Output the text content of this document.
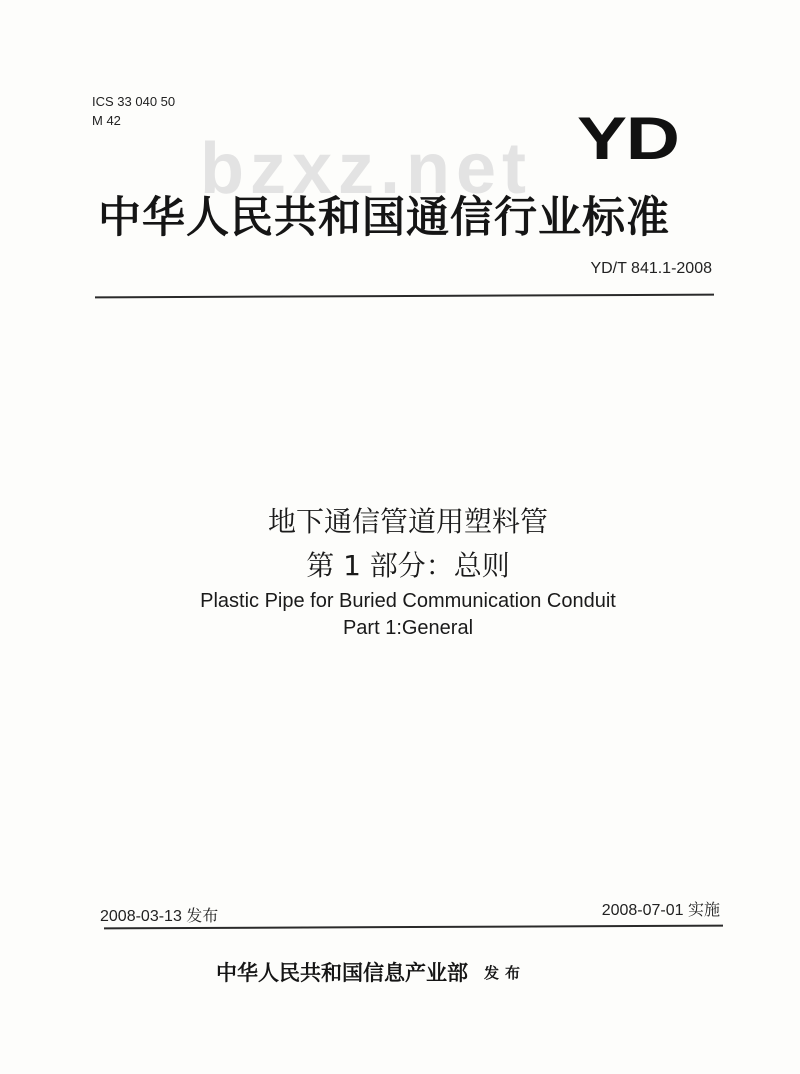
ICS 33 040 50
M 42
bzxz.net YD
中华人民共和国通信行业标准
YD/T 841.1-2008
地下通信管道用塑料管
第 1 部分：总则
Plastic Pipe for Buried Communication Conduit
Part 1:General
2008-03-13 发布	2008-07-01 实施
中华人民共和国信息产业部 发布
